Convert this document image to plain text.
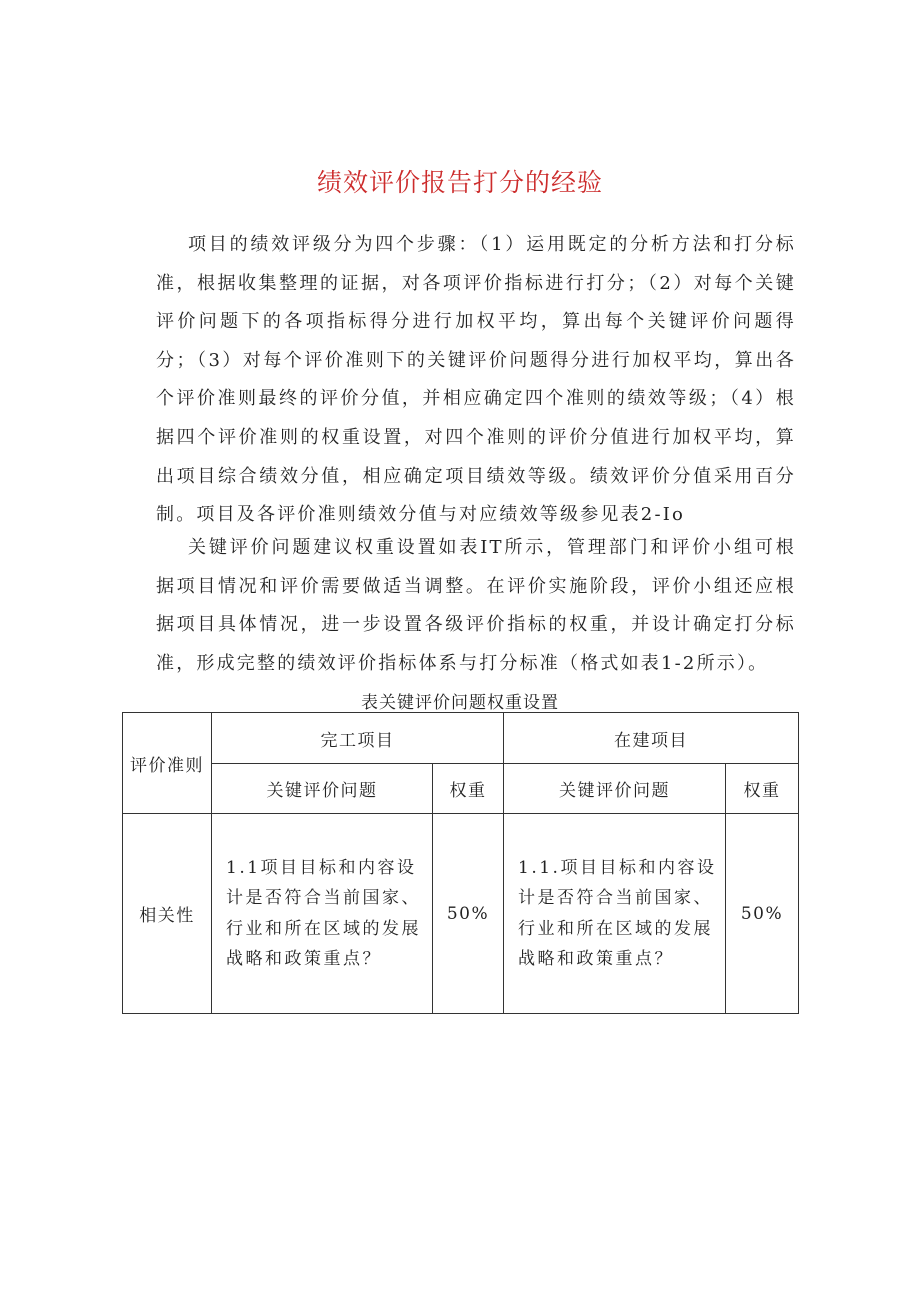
绩效评价报告打分的经验

项目的绩效评级分为四个步骤：（1）运用既定的分析方法和打分标准，根据收集整理的证据，对各项评价指标进行打分；（2）对每个关键评价问题下的各项指标得分进行加权平均，算出每个关键评价问题得分；（3）对每个评价准则下的关键评价问题得分进行加权平均，算出各个评价准则最终的评价分值，并相应确定四个准则的绩效等级；（4）根据四个评价准则的权重设置，对四个准则的评价分值进行加权平均，算出项目综合绩效分值，相应确定项目绩效等级。绩效评价分值采用百分制。项目及各评价准则绩效分值与对应绩效等级参见表2-Io

关键评价问题建议权重设置如表IT所示，管理部门和评价小组可根据项目情况和评价需要做适当调整。在评价实施阶段，评价小组还应根据项目具体情况，进一步设置各级评价指标的权重，并设计确定打分标准，形成完整的绩效评价指标体系与打分标准（格式如表1-2所示）。

表关键评价问题权重设置
评价准则	完工项目		在建项目	
	关键评价问题	权重	关键评价问题	权重
相关性	1.1项目目标和内容设计是否符合当前国家、行业和所在区域的发展战略和政策重点？	50%	1.1.项目目标和内容设计是否符合当前国家、行业和所在区域的发展战略和政策重点？	50%
